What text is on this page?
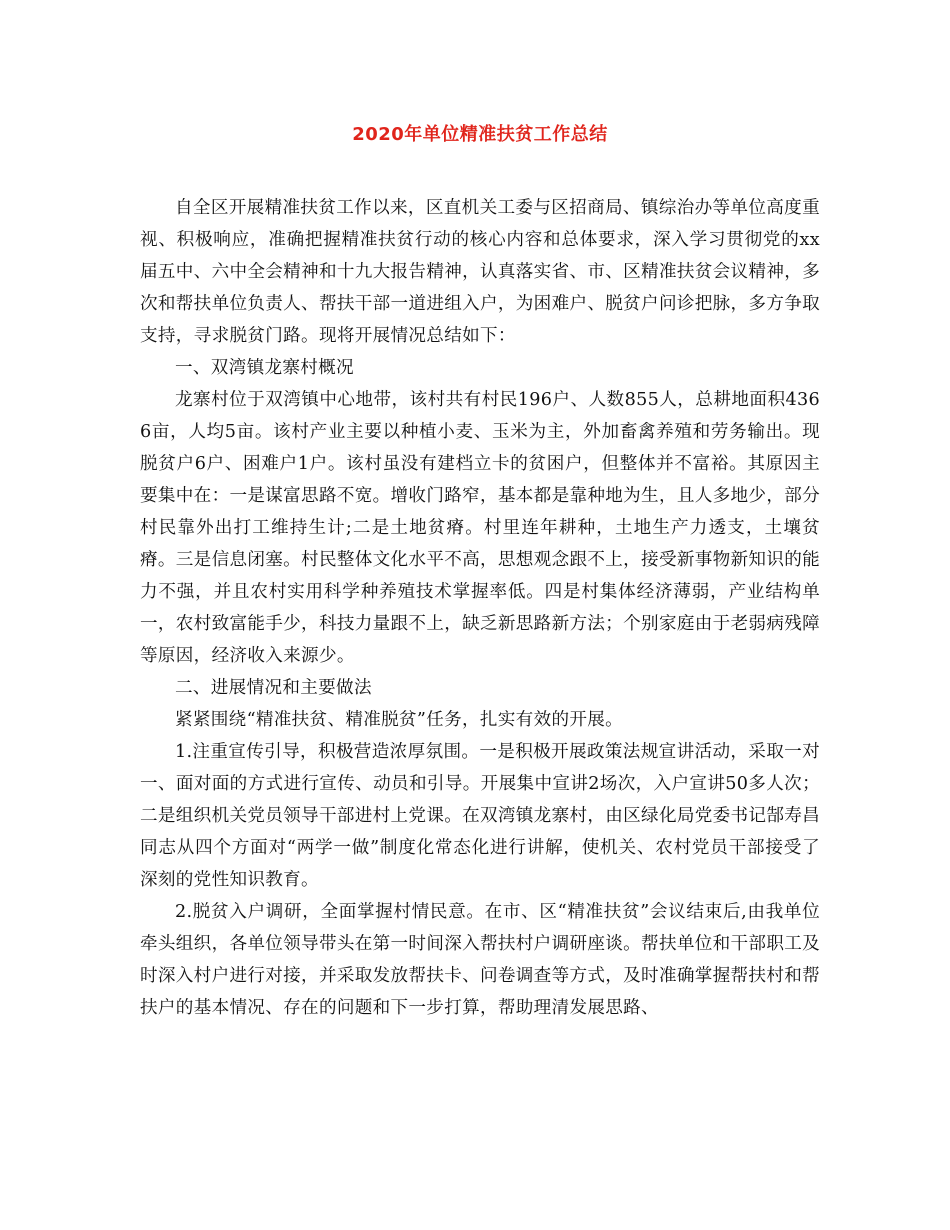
2020年单位精准扶贫工作总结

自全区开展精准扶贫工作以来，区直机关工委与区招商局、镇综治办等单位高度重视、积极响应，准确把握精准扶贫行动的核心内容和总体要求，深入学习贯彻党的xx届五中、六中全会精神和十九大报告精神，认真落实省、市、区精准扶贫会议精神，多次和帮扶单位负责人、帮扶干部一道进组入户，为困难户、脱贫户问诊把脉，多方争取支持，寻求脱贫门路。现将开展情况总结如下：

一、双湾镇龙寨村概况

龙寨村位于双湾镇中心地带，该村共有村民196户、人数855人，总耕地面积4366亩，人均5亩。该村产业主要以种植小麦、玉米为主，外加畜禽养殖和劳务输出。现脱贫户6户、困难户1户。该村虽没有建档立卡的贫困户，但整体并不富裕。其原因主要集中在：一是谋富思路不宽。增收门路窄，基本都是靠种地为生，且人多地少，部分村民靠外出打工维持生计;二是土地贫瘠。村里连年耕种，土地生产力透支，土壤贫瘠。三是信息闭塞。村民整体文化水平不高，思想观念跟不上，接受新事物新知识的能力不强，并且农村实用科学种养殖技术掌握率低。四是村集体经济薄弱，产业结构单一，农村致富能手少，科技力量跟不上，缺乏新思路新方法；个别家庭由于老弱病残障等原因，经济收入来源少。

二、进展情况和主要做法

紧紧围绕“精准扶贫、精准脱贫”任务，扎实有效的开展。

1.注重宣传引导，积极营造浓厚氛围。一是积极开展政策法规宣讲活动，采取一对一、面对面的方式进行宣传、动员和引导。开展集中宣讲2场次，入户宣讲50多人次；二是组织机关党员领导干部进村上党课。在双湾镇龙寨村，由区绿化局党委书记郜寿昌同志从四个方面对“两学一做”制度化常态化进行讲解，使机关、农村党员干部接受了深刻的党性知识教育。

2.脱贫入户调研，全面掌握村情民意。在市、区“精准扶贫”会议结束后,由我单位牵头组织，各单位领导带头在第一时间深入帮扶村户调研座谈。帮扶单位和干部职工及时深入村户进行对接，并采取发放帮扶卡、问卷调查等方式，及时准确掌握帮扶村和帮扶户的基本情况、存在的问题和下一步打算，帮助理清发展思路、
